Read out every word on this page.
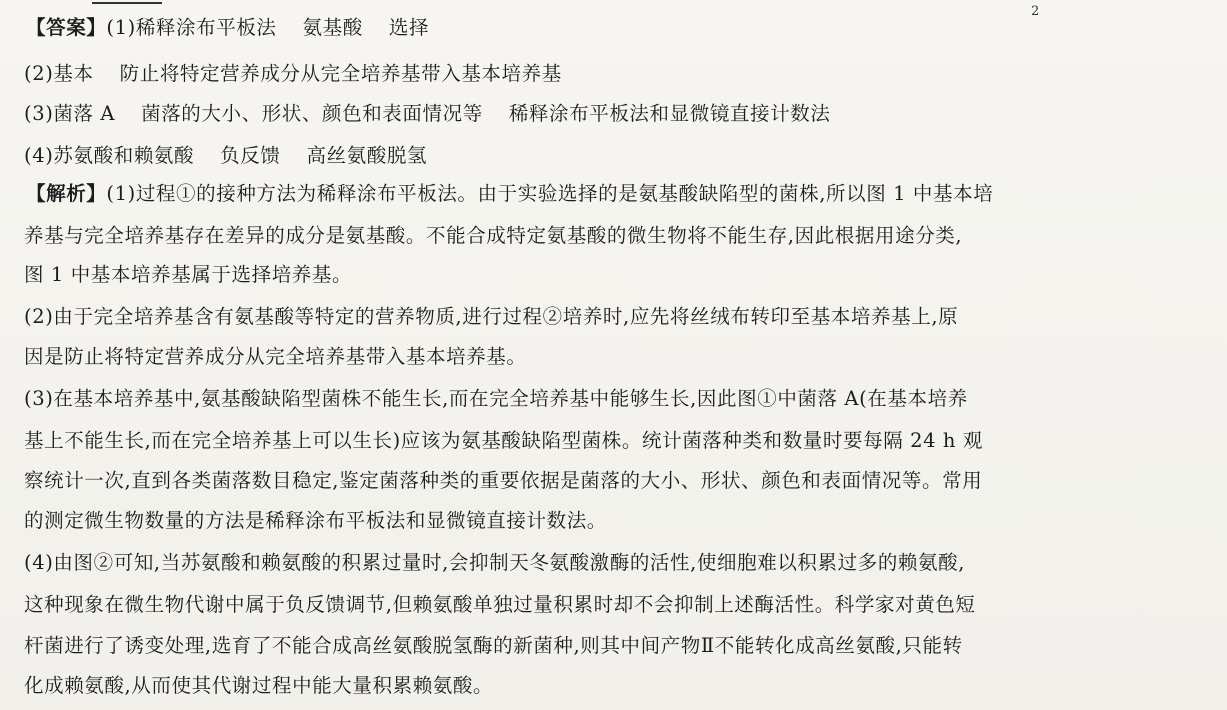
2
【答案】(1)稀释涂布平板法 氨基酸 选择
(2)基本 防止将特定营养成分从完全培养基带入基本培养基
(3)菌落 A 菌落的大小、形状、颜色和表面情况等 稀释涂布平板法和显微镜直接计数法
(4)苏氨酸和赖氨酸 负反馈 高丝氨酸脱氢
【解析】(1)过程①的接种方法为稀释涂布平板法。由于实验选择的是氨基酸缺陷型的菌株,所以图 1 中基本培
养基与完全培养基存在差异的成分是氨基酸。不能合成特定氨基酸的微生物将不能生存,因此根据用途分类,
图 1 中基本培养基属于选择培养基。
(2)由于完全培养基含有氨基酸等特定的营养物质,进行过程②培养时,应先将丝绒布转印至基本培养基上,原
因是防止将特定营养成分从完全培养基带入基本培养基。
(3)在基本培养基中,氨基酸缺陷型菌株不能生长,而在完全培养基中能够生长,因此图①中菌落 A(在基本培养
基上不能生长,而在完全培养基上可以生长)应该为氨基酸缺陷型菌株。统计菌落种类和数量时要每隔 24 h 观
察统计一次,直到各类菌落数目稳定,鉴定菌落种类的重要依据是菌落的大小、形状、颜色和表面情况等。常用
的测定微生物数量的方法是稀释涂布平板法和显微镜直接计数法。
(4)由图②可知,当苏氨酸和赖氨酸的积累过量时,会抑制天冬氨酸激酶的活性,使细胞难以积累过多的赖氨酸,
这种现象在微生物代谢中属于负反馈调节,但赖氨酸单独过量积累时却不会抑制上述酶活性。科学家对黄色短
杆菌进行了诱变处理,选育了不能合成高丝氨酸脱氢酶的新菌种,则其中间产物Ⅱ不能转化成高丝氨酸,只能转
化成赖氨酸,从而使其代谢过程中能大量积累赖氨酸。
